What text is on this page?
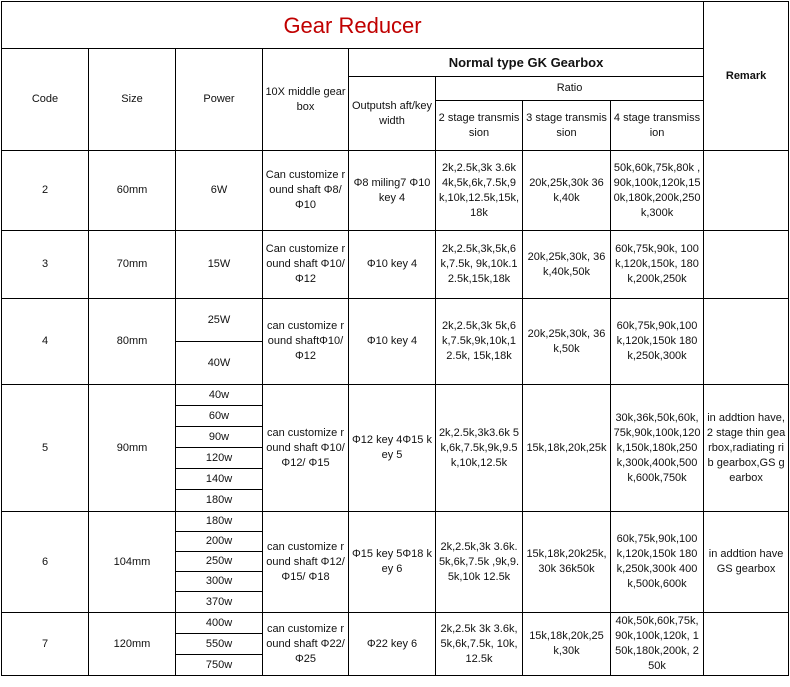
Gear Reducer								Remark
Code	Size	Power	10X middle gearbox	Normal type GK Gearbox				
				Outputsh aft/key width	Ratio			
					2 stage transmission	3 stage transmission	4 stage transmission	
2	60mm	6W	Can customize round shaft Φ8/Φ10	Φ8 miling7 Φ10 key 4	2k,2.5k,3k 3.6k 4k,5k,6k,7.5k,9k,10k,12.5k,15k,18k	20k,25k,30k 36k,40k	50k,60k,75k,80k , 90k,100k,120k,150k,180k,200k,250k,300k	
3	70mm	15W	Can customize round shaft Φ10/Φ12	Φ10 key 4	2k,2.5k,3k,5k,6k,7.5k, 9k,10k.12.5k,15k,18k	20k,25k,30k, 36k,40k,50k	60k,75k,90k, 100k,120k,150k, 180k,200k,250k	
4	80mm	25W	can customize round shaftΦ10/Φ12	Φ10 key 4	2k,2.5k,3k 5k,6k,7.5k,9k,10k,12.5k, 15k,18k	20k,25k,30k, 36k,50k	60k,75k,90k,100k,120k,150k 180k,250k,300k	
		40W						
5	90mm	40w	can customize round shaft Φ10/Φ12/ Φ15	Φ12 key 4Φ15 key 5	2k,2.5k,3k3.6k 5k,6k,7.5k,9k,9.5k,10k,12.5k	15k,18k,20k,25k	30k,36k,50k,60k,75k,90k,100k,120k,150k,180k,250k,300k,400k,500k,600k,750k	in addtion have,2 stage thin gearbox,radiating rib gearbox,GS gearbox
		60w						
		90w						
		120w						
		140w						
		180w						
6	104mm	180w	can customize round shaft Φ12/Φ15/ Φ18	Φ15 key 5Φ18 key 6	2k,2.5k,3k 3.6k.5k,6k,7.5k ,9k,9.5k,10k 12.5k	15k,18k,20k25k,30k 36k50k	60k,75k,90k,100k,120k,150k 180k,250k,300k 400k,500k,600k	in addtion have GS gearbox
		200w						
		250w						
		300w						
		370w						
7	120mm	400w	can customize round shaft Φ22/ Φ25	Φ22 key 6	2k,2.5k 3k 3.6k,5k,6k,7.5k, 10k,12.5k	15k,18k,20k,25k,30k	40k,50k,60k,75k,90k,100k,120k, 150k,180k,200k, 250k	
		550w						
		750w						
